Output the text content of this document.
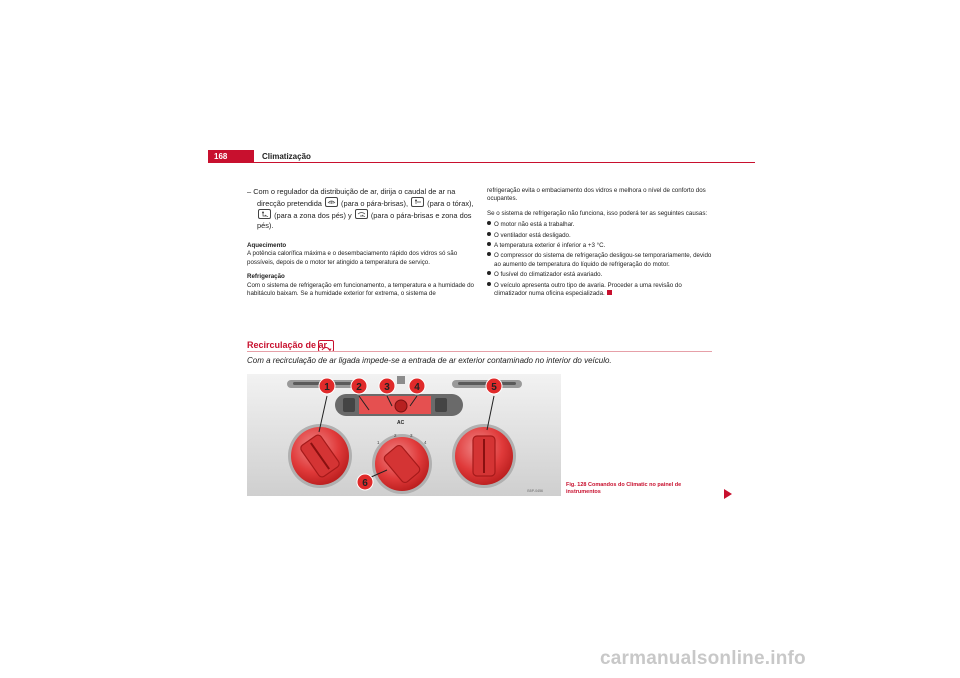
168	Climatização
– Com o regulador da distribuição de ar, dirija o caudal de ar na direcção pretendida	(para o pára-brisas),	(para o tórax),
(para a zona dos pés) y	(para o pára-brisas e zona dos pés).

Aquecimento

A potência calorífica máxima e o desembaciamento rápido dos vidros só são possíveis, depois de o motor ter atingido a temperatura de serviço.

Refrigeração

Com o sistema de refrigeração em funcionamento, a temperatura e a humidade do habitáculo baixam. Se a humidade exterior for extrema, o sistema de

refrigeração evita o embaciamento dos vidros e melhora o nível de conforto dos ocupantes.

Se o sistema de refrigeração não funciona, isso poderá ter as seguintes causas:

O motor não está a trabalhar.

O ventilador está desligado.

A temperatura exterior é inferior a +3 °C.

O compressor do sistema de refrigeração desligou-se temporariamente, devido ao aumento de temperatura do líquido de refrigeração do motor.

O fusível do climatizador está avariado.

O veículo apresenta outro tipo de avaria. Proceder a uma revisão do climatizador numa oficina especializada.

Recirculação de ar
Com a recirculação de ar ligada impede-se a entrada de ar exterior contaminado no interior do veículo.
AC
1
2	3
4
1	2 3 4	5
6
B5P-0456
Fig. 128 Comandos do Climatic no painel de instrumentos
carmanualsonline.info
